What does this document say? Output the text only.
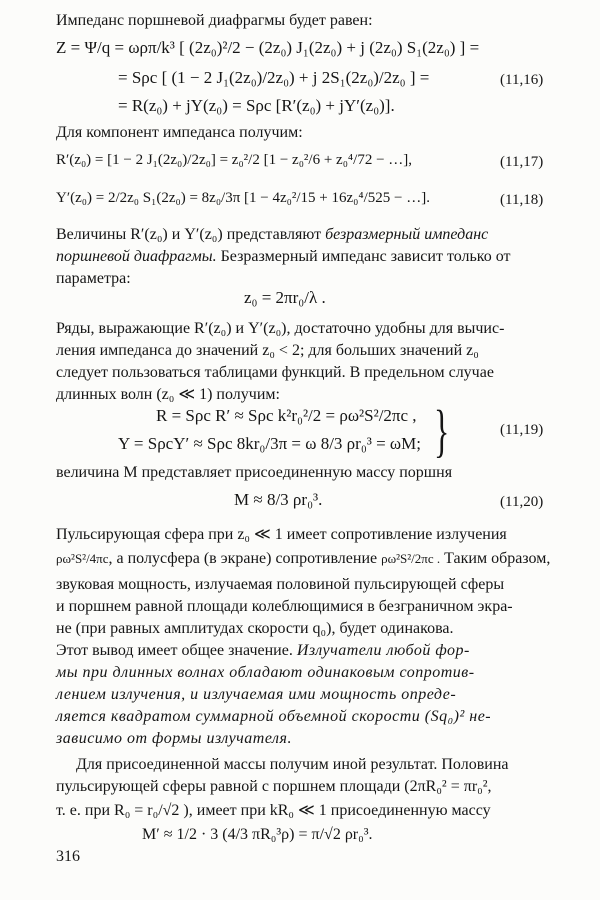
Импеданс поршневой диафрагмы будет равен:
Z = Ψ/q = ωρπ/k³ [ (2z₀)²/2 − (2z₀) J₁(2z₀) + j (2z₀) S₁(2z₀) ] =
= Sρc [ (1 − 2 J₁(2z₀)/2z₀) + j 2S₁(2z₀)/2z₀ ] =
= R(z₀) + jY(z₀) = Sρc [R′(z₀) + jY′(z₀)].
(11,16)
Для компонент импеданса получим:
R′(z₀) = [1 − 2 J₁(2z₀)/2z₀] = z₀²/2 [1 − z₀²/6 + z₀⁴/72 − …],	(11,17)
Y′(z₀) = 2/2z₀ S₁(2z₀) = 8z₀/3π [1 − 4z₀²/15 + 16z₀⁴/525 − …].	(11,18)
Величины R′(z₀) и Y′(z₀) представляют безразмерный импеданс
поршневой диафрагмы. Безразмерный импеданс зависит только от
параметра:
z₀ = 2πr₀/λ .
Ряды, выражающие R′(z₀) и Y′(z₀), достаточно удобны для вычис-
ления импеданса до значений z₀ < 2; для больших значений z₀
следует пользоваться таблицами функций. В предельном случае
длинных волн (z₀ ≪ 1) получим:
R = Sρc R′ ≈ Sρc k²r₀²/2 = ρω²S²/2πc ,
Y = SρcY′ ≈ Sρc 8kr₀/3π = ω 8/3 ρr₀³ = ωM; }	(11,19)
величина M представляет присоединенную массу поршня
M ≈ 8/3 ρr₀³.	(11,20)
Пульсирующая сфера при z₀ ≪ 1 имеет сопротивление излучения
ρω²S²/4πc, а полусфера (в экране) сопротивление ρω²S²/2πc . Таким образом,
звуковая мощность, излучаемая половиной пульсирующей сферы
и поршнем равной площади колеблющимися в безграничном экра-
не (при равных амплитудах скорости q₀), будет одинакова.
Этот вывод имеет общее значение. Излучатели любой фор-
мы при длинных волнах обладают одинаковым сопротив-
лением излучения, и излучаемая ими мощность опреде-
ляется квадратом суммарной объемной скорости (Sq₀)² не-
зависимо от формы излучателя.
Для присоединенной массы получим иной результат. Половина
пульсирующей сферы равной с поршнем площади (2πR₀² = πr₀²,
т. е. при R₀ = r₀/√2 ), имеет при kR₀ ≪ 1 присоединенную массу
M′ ≈ 1/2 · 3 (4/3 πR₀³ρ) = π/√2 ρr₀³.
316
